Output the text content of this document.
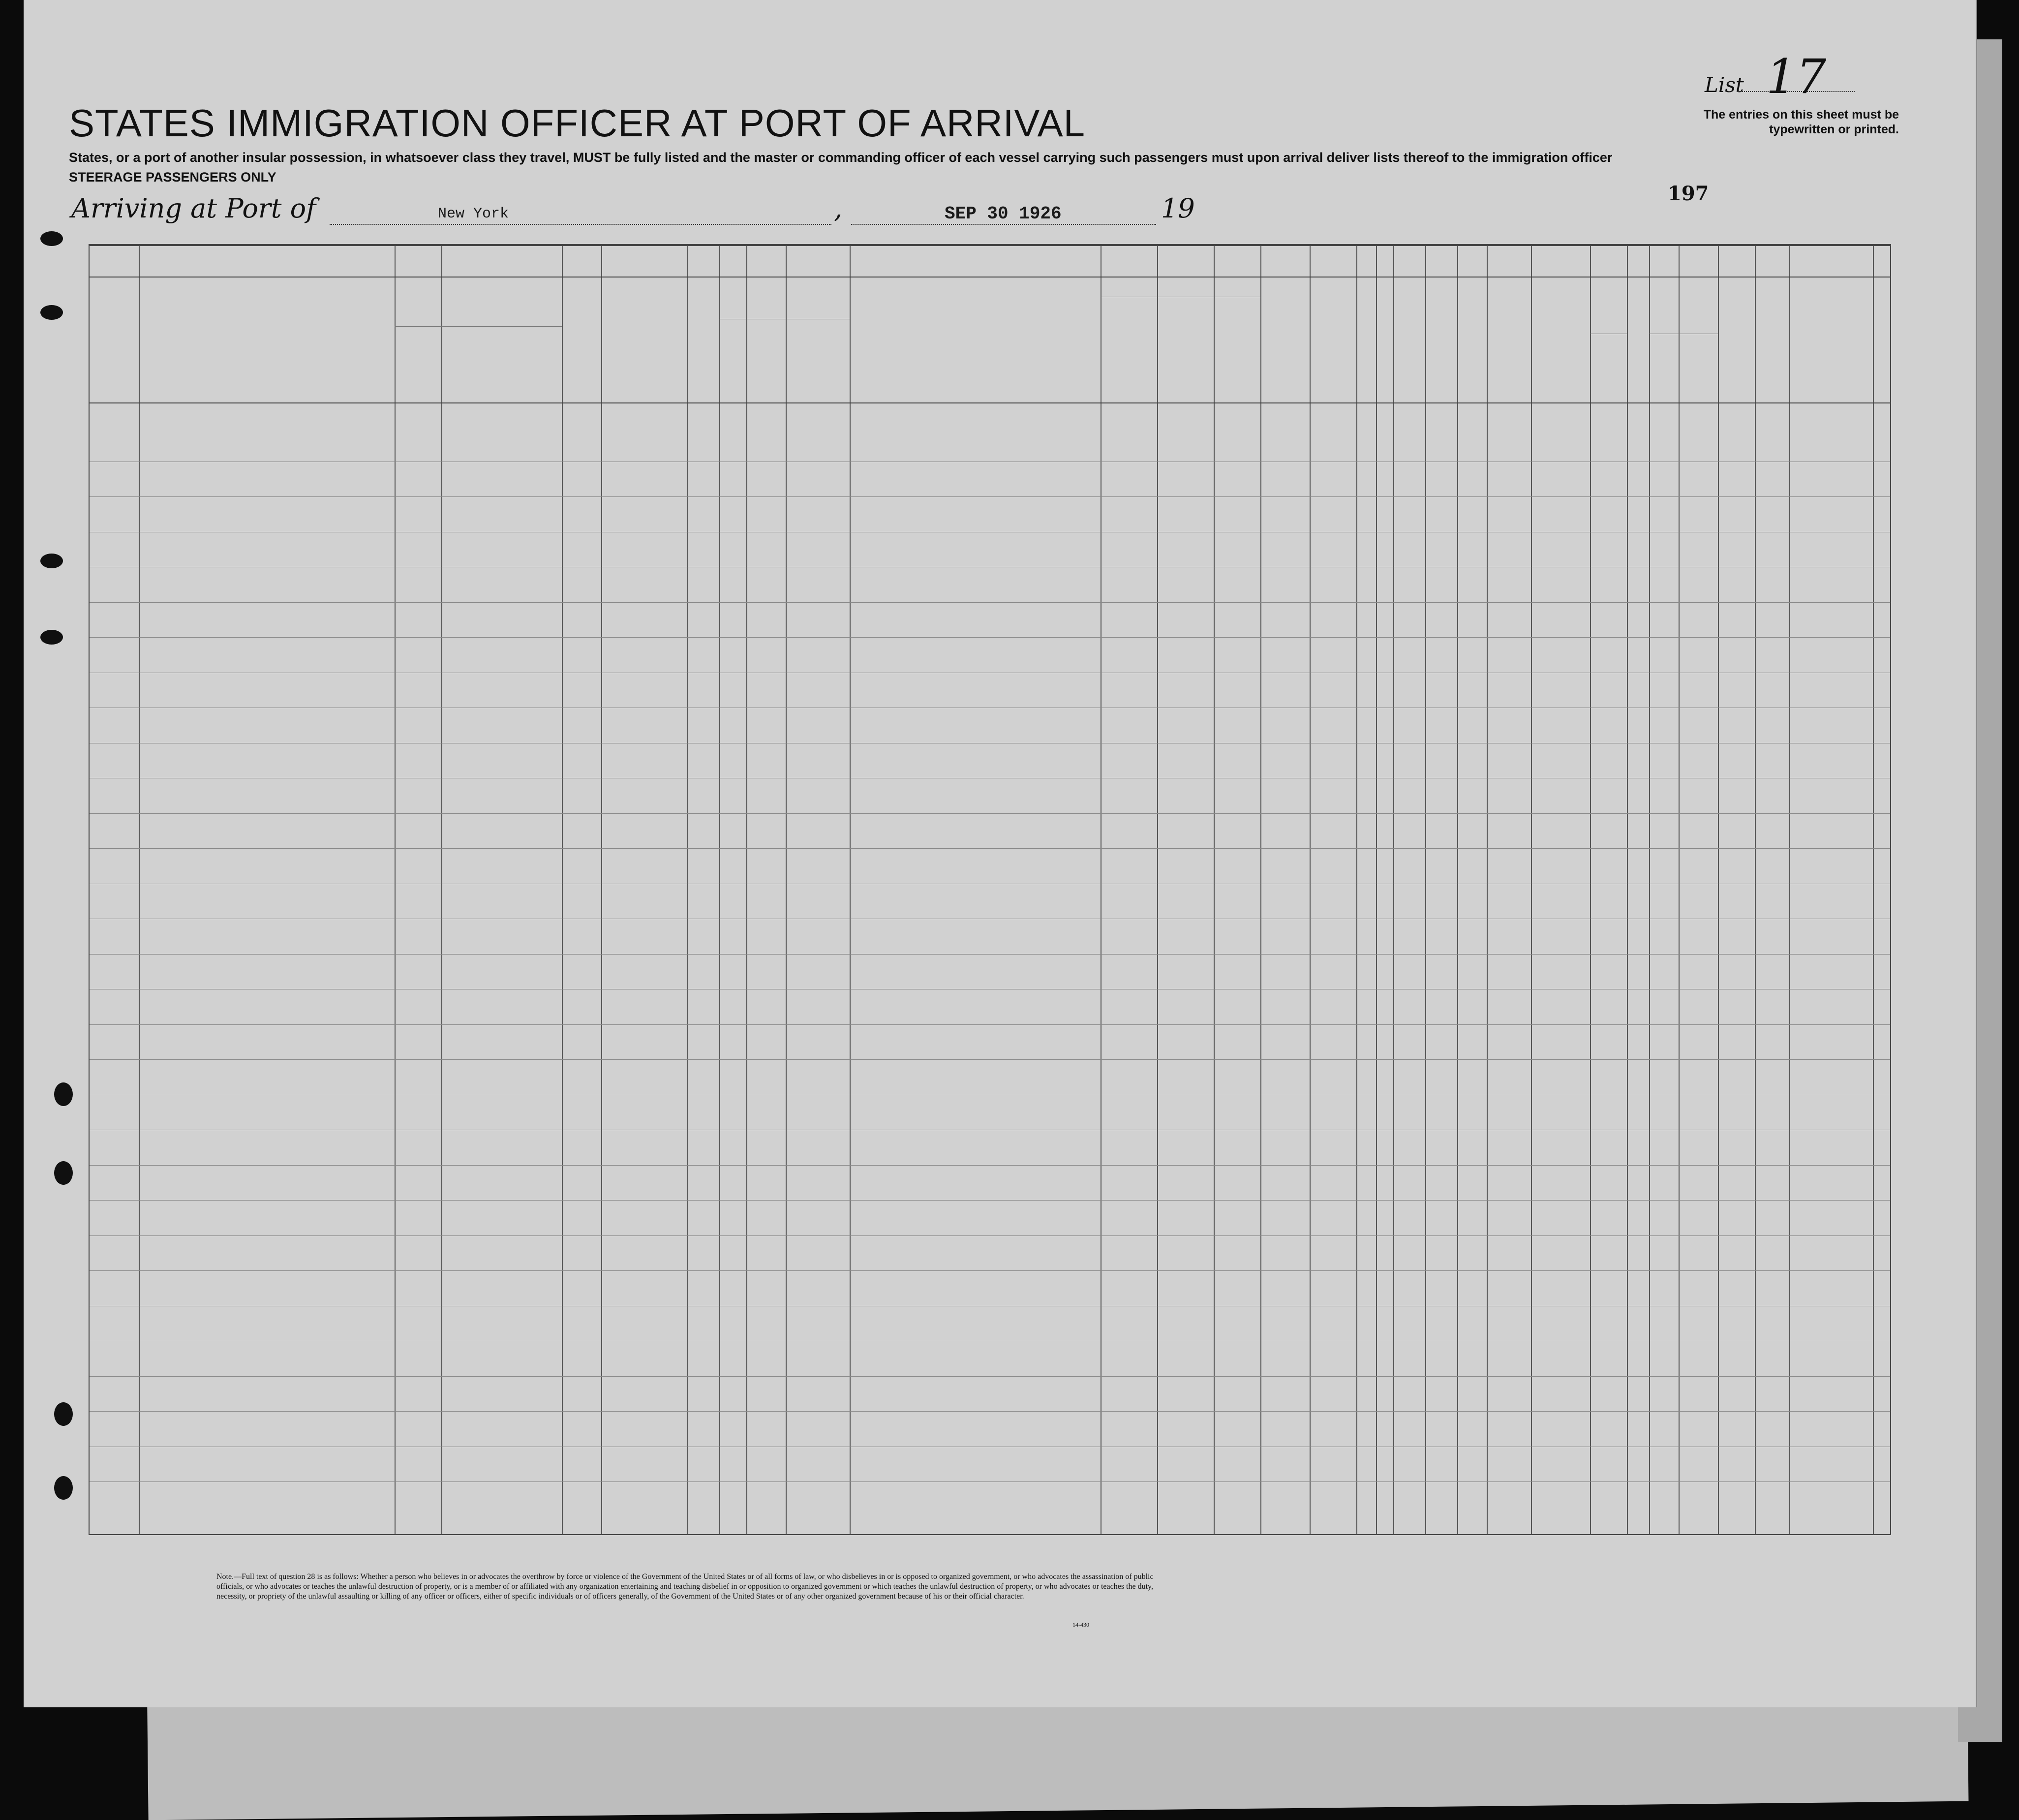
STATES IMMIGRATION OFFICER AT PORT OF ARRIVAL
States, or a port of another insular possession, in whatsoever class they travel, MUST be fully listed and the master or commanding officer of each vessel carrying such passengers must upon arrival deliver lists thereof to the immigration officer
STEERAGE PASSENGERS ONLY
Arriving at Port of	New York	,	SEP 30 1926	19
List 17
The entries on this sheet must be typewritten or printed.
197
Note.—Full text of question 28 is as follows: Whether a person who believes in or advocates the overthrow by force or violence of the Government of the United States or of all forms of law, or who disbelieves in or is opposed to organized government, or who advocates the assassination of public officials, or who advocates or teaches the unlawful destruction of property, or is a member of or affiliated with any organization entertaining and teaching disbelief in or opposition to organized government or which teaches the unlawful destruction of property, or who advocates or teaches the duty, necessity, or propriety of the unlawful assaulting or killing of any officer or officers, either of specific individuals or of officers generally, of the Government of the United States or of any other organized government because of his or their official character.
14-430
